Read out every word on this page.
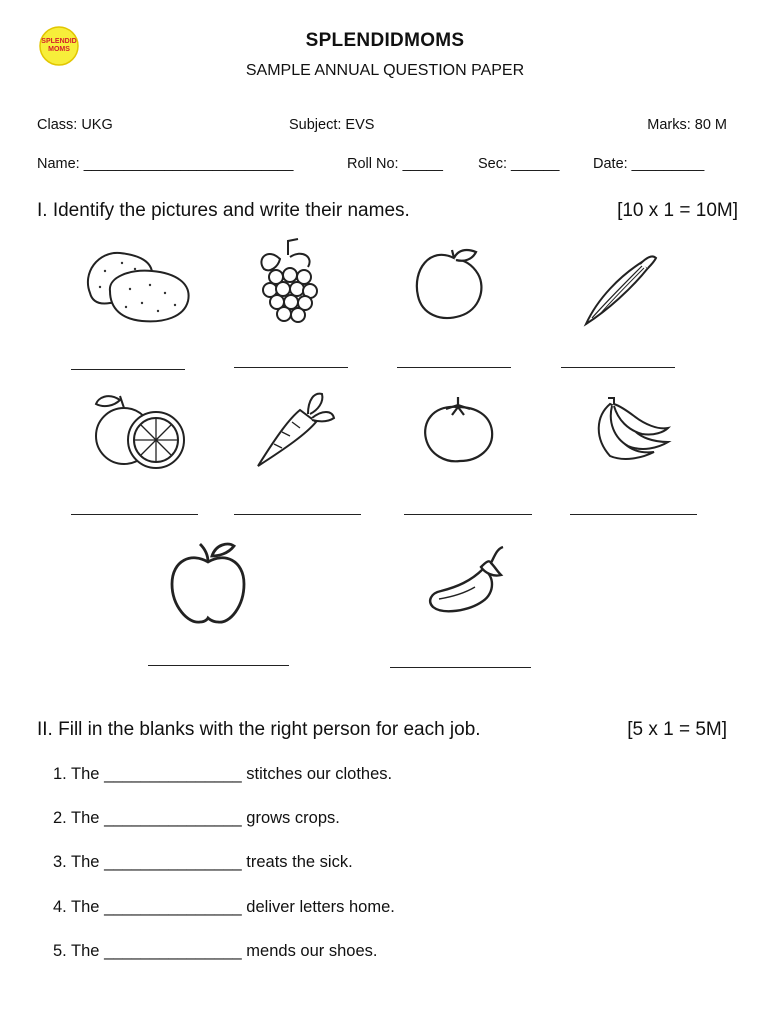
SPLENDID
MOMS	SPLENDIDMOMS
SAMPLE ANNUAL QUESTION PAPER
Class: UKG	Subject: EVS	Marks: 80 M
Name: __________________________	Roll No: _____ Sec: ______ Date: _________
I. Identify the pictures and write their names.	[10 x 1 = 10M]
II. Fill in the blanks with the right person for each job.	[5 x 1 = 5M]
1. The _______________ stitches our clothes.
2. The _______________ grows crops.
3. The _______________ treats the sick.
4. The _______________ deliver letters home.
5. The _______________ mends our shoes.
